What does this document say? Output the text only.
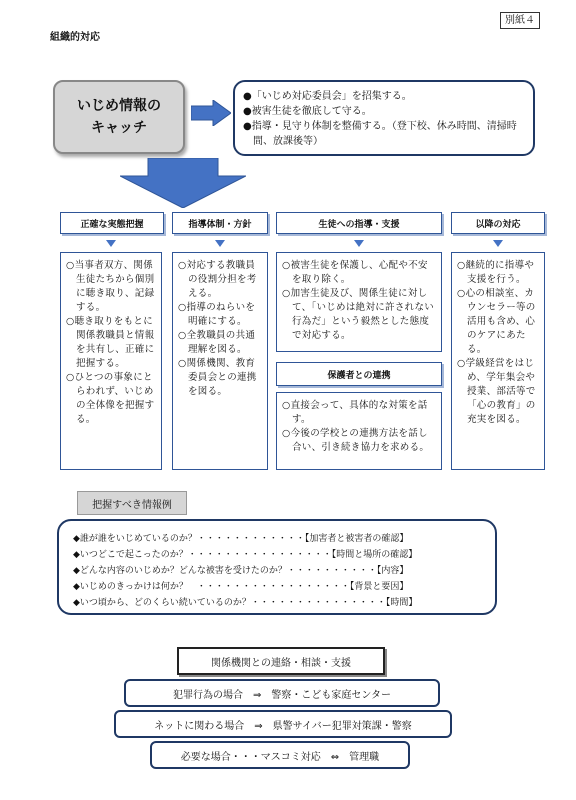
別紙４
組織的対応
いじめ情報の
キャッチ
●「いじめ対応委員会」を招集する。
●被害生徒を徹底して守る。
●指導・見守り体制を整備する。（登下校、休み時間、清掃時間、放課後等）
正確な実態把握	指導体制・方針	生徒への指導・支援	以降の対応
○当事者双方、関係生徒たちから個別に聴き取り、記録する。
○聴き取りをもとに関係教職員と情報を共有し、正確に把握する。
○ひとつの事象にとらわれず、いじめの全体像を把握する。
○対応する教職員の役割分担を考える。
○指導のねらいを明確にする。
○全教職員の共通理解を図る。
○関係機関、教育委員会との連携を図る。
○被害生徒を保護し、心配や不安を取り除く。
○加害生徒及び、関係生徒に対して、「いじめは絶対に許されない行為だ」という毅然とした態度で対応する。
保護者との連携
○直接会って、具体的な対策を話す。
○今後の学校との連携方法を話し合い、引き続き協力を求める。
○継続的に指導や支援を行う。
○心の相談室、カウンセラー等の活用も含め、心のケアにあたる。
○学級経営をはじめ、学年集会や授業、部活等で「心の教育」の充実を図る。
把握すべき情報例
◆誰が誰をいじめているのか？・・・・・・・・・・・・【加害者と被害者の確認】
◆いつどこで起こったのか？・・・・・・・・・・・・・・・・【時間と場所の確認】
◆どんな内容のいじめか？どんな被害を受けたのか？・・・・・・・・・・【内容】
◆いじめのきっかけは何か？　・・・・・・・・・・・・・・・・・【背景と要因】
◆いつ頃から、どのくらい続いているのか？・・・・・・・・・・・・・・・【時間】
関係機関との連絡・相談・支援
犯罪行為の場合　⇒　警察・こども家庭センター
ネットに関わる場合　⇒　県警サイバー犯罪対策課・警察
必要な場合・・・マスコミ対応　⇔　管理職
